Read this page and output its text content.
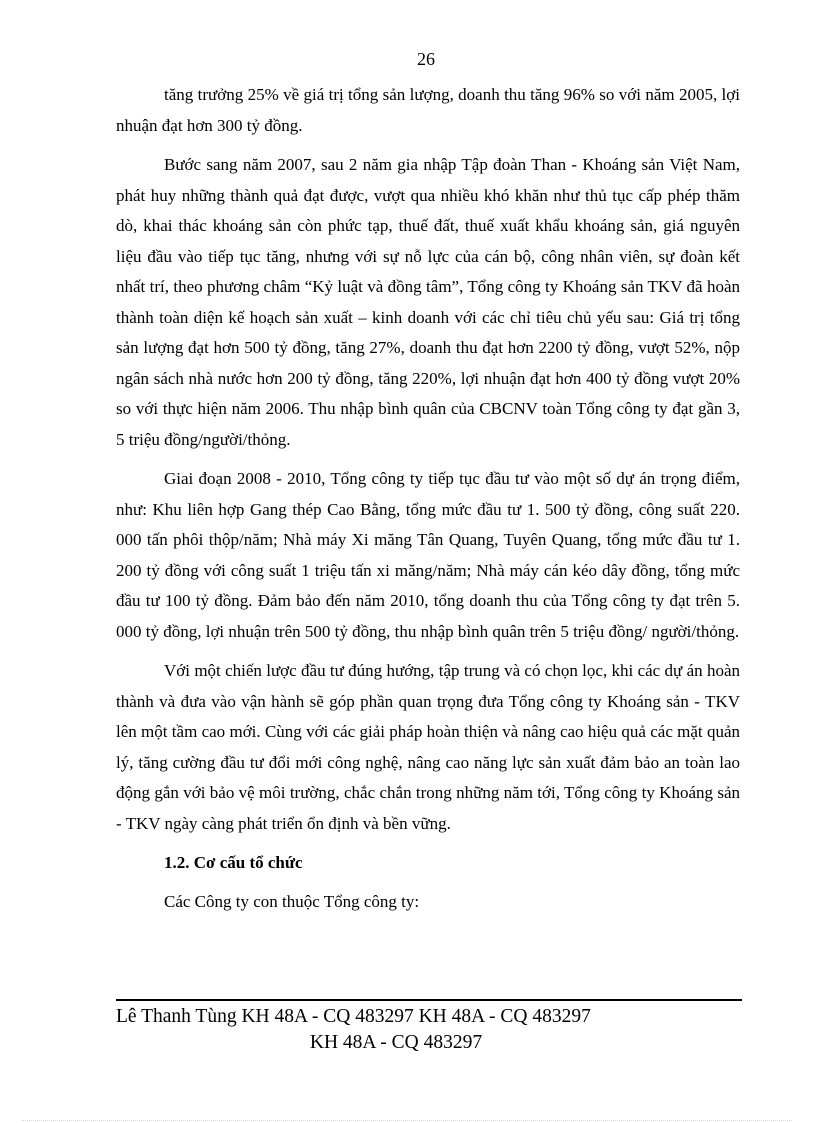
26

tăng trưởng 25% về giá trị tổng sản lượng, doanh thu tăng 96% so với năm 2005, lợi nhuận đạt hơn 300 tỷ đồng.

Bước sang năm 2007, sau 2 năm gia nhập Tập đoàn Than - Khoáng sản Việt Nam, phát huy những thành quả đạt được, vượt qua nhiều khó khăn như thủ tục cấp phép thăm dò, khai thác khoáng sản còn phức tạp, thuế đất, thuế xuất khẩu khoáng sản, giá nguyên liệu đầu vào tiếp tục tăng, nhưng với sự nỗ lực của cán bộ, công nhân viên, sự đoàn kết nhất trí, theo phương châm “Kỷ luật và đồng tâm”, Tổng công ty Khoáng sản TKV đã hoàn thành toàn diện kế hoạch sản xuất – kinh doanh với các chỉ tiêu chủ yếu sau: Giá trị tổng sản lượng đạt hơn 500 tỷ đồng, tăng 27%, doanh thu đạt hơn 2200 tỷ đồng, vượt 52%, nộp ngân sách nhà nước hơn 200 tỷ đồng, tăng 220%, lợi nhuận đạt hơn 400 tỷ đồng vượt 20% so với thực hiện năm 2006. Thu nhập bình quân của CBCNV toàn Tổng công ty đạt gần 3, 5 triệu đồng/người/thỏng.

Giai đoạn 2008 - 2010, Tổng công ty tiếp tục đầu tư vào một số dự án trọng điểm, như: Khu liên hợp Gang thép Cao Bằng, tổng mức đầu tư 1. 500 tỷ đồng, công suất 220. 000 tấn phôi thộp/năm; Nhà máy Xi măng Tân Quang, Tuyên Quang, tổng mức đầu tư 1. 200 tỷ đồng với công suất 1 triệu tấn xi măng/năm; Nhà máy cán kéo dây đồng, tổng mức đầu tư 100 tỷ đồng. Đảm bảo đến năm 2010, tổng doanh thu của Tổng công ty đạt trên 5. 000 tỷ đồng, lợi nhuận trên 500 tỷ đồng, thu nhập bình quân trên 5 triệu đồng/ người/thỏng.

Với một chiến lược đầu tư đúng hướng, tập trung và có chọn lọc, khi các dự án hoàn thành và đưa vào vận hành sẽ góp phần quan trọng đưa Tổng công ty Khoáng sản - TKV lên một tầm cao mới. Cùng với các giải pháp hoàn thiện và nâng cao hiệu quả các mặt quản lý, tăng cường đầu tư đổi mới công nghệ, nâng cao năng lực sản xuất đảm bảo an toàn lao động gắn với bảo vệ môi trường, chắc chắn trong những năm tới, Tổng công ty Khoáng sản - TKV ngày càng phát triển ổn định và bền vững.

1.2. Cơ cấu tổ chức

Các Công ty con thuộc Tổng công ty:

Lê Thanh Tùng KH 48A - CQ 483297 KH 48A - CQ 483297
KH 48A - CQ 483297
